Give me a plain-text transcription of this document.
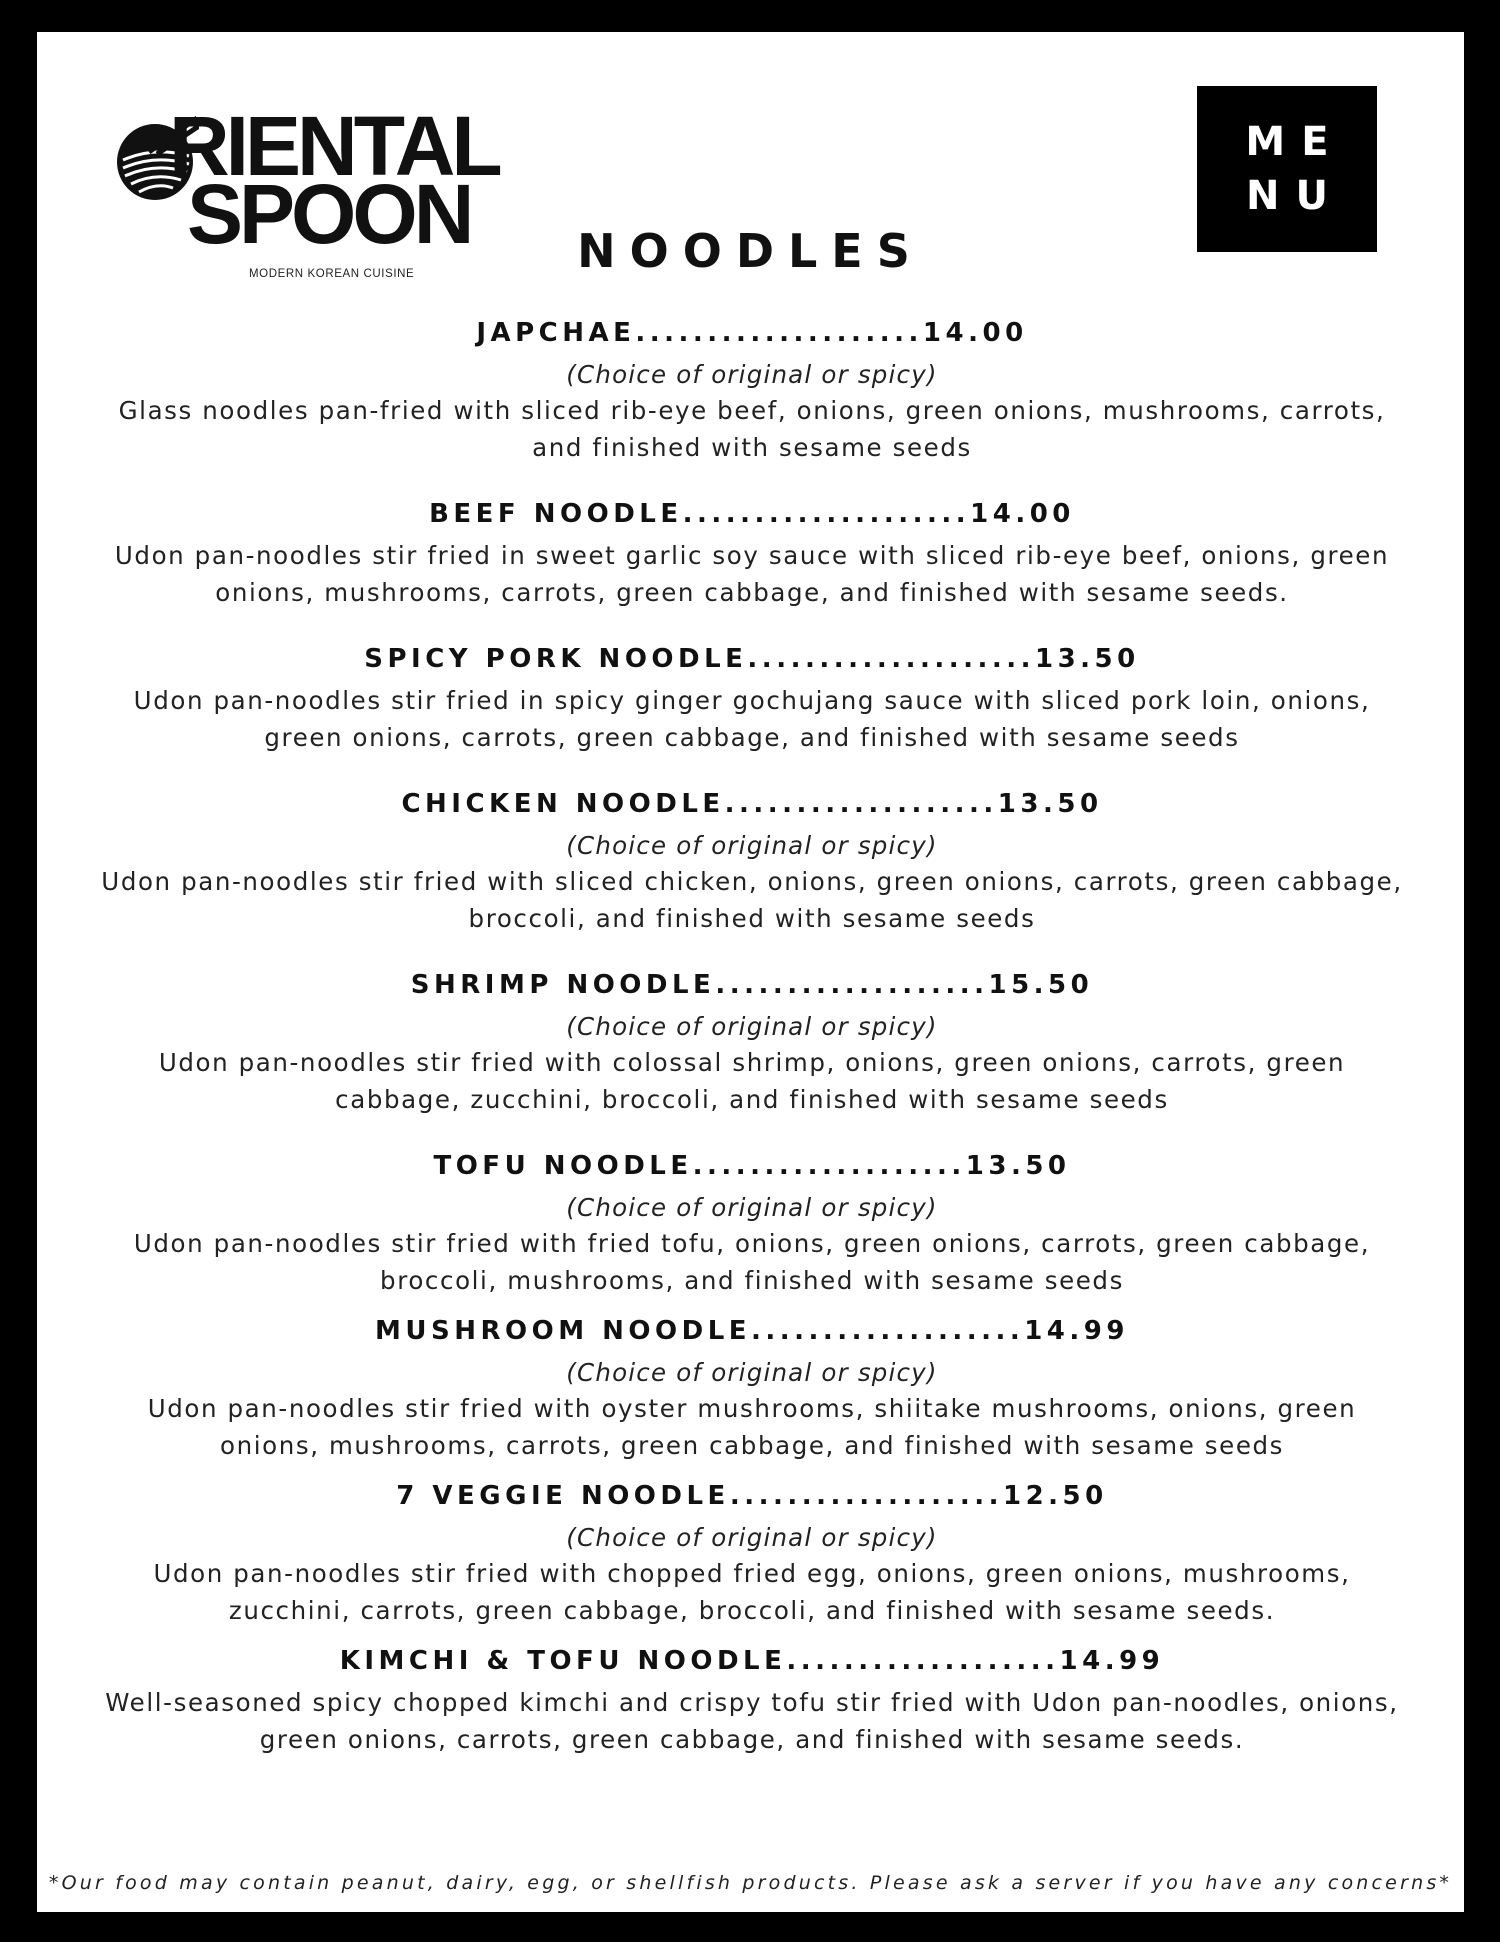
RIENTAL
SPOON
MODERN KOREAN CUISINE
ME
NU
NOODLES
JAPCHAE....................14.00
(Choice of original or spicy)
Glass noodles pan-fried with sliced rib-eye beef, onions, green onions, mushrooms, carrots, and finished with sesame seeds
BEEF NOODLE....................14.00
Udon pan-noodles stir fried in sweet garlic soy sauce with sliced rib-eye beef, onions, green onions, mushrooms, carrots, green cabbage, and finished with sesame seeds.
SPICY PORK NOODLE....................13.50
Udon pan-noodles stir fried in spicy ginger gochujang sauce with sliced pork loin, onions, green onions, carrots, green cabbage, and finished with sesame seeds
CHICKEN NOODLE...................13.50
(Choice of original or spicy)
Udon pan-noodles stir fried with sliced chicken, onions, green onions, carrots, green cabbage, broccoli, and finished with sesame seeds
SHRIMP NOODLE...................15.50
(Choice of original or spicy)
Udon pan-noodles stir fried with colossal shrimp, onions, green onions, carrots, green cabbage, zucchini, broccoli, and finished with sesame seeds
TOFU NOODLE...................13.50
(Choice of original or spicy)
Udon pan-noodles stir fried with fried tofu, onions, green onions, carrots, green cabbage, broccoli, mushrooms, and finished with sesame seeds
MUSHROOM NOODLE...................14.99
(Choice of original or spicy)
Udon pan-noodles stir fried with oyster mushrooms, shiitake mushrooms, onions, green onions, mushrooms, carrots, green cabbage, and finished with sesame seeds
7 VEGGIE NOODLE...................12.50
(Choice of original or spicy)
Udon pan-noodles stir fried with chopped fried egg, onions, green onions, mushrooms, zucchini, carrots, green cabbage, broccoli, and finished with sesame seeds.
KIMCHI & TOFU NOODLE...................14.99
Well-seasoned spicy chopped kimchi and crispy tofu stir fried with Udon pan-noodles, onions, green onions, carrots, green cabbage, and finished with sesame seeds.
*Our food may contain peanut, dairy, egg, or shellfish products. Please ask a server if you have any concerns*
